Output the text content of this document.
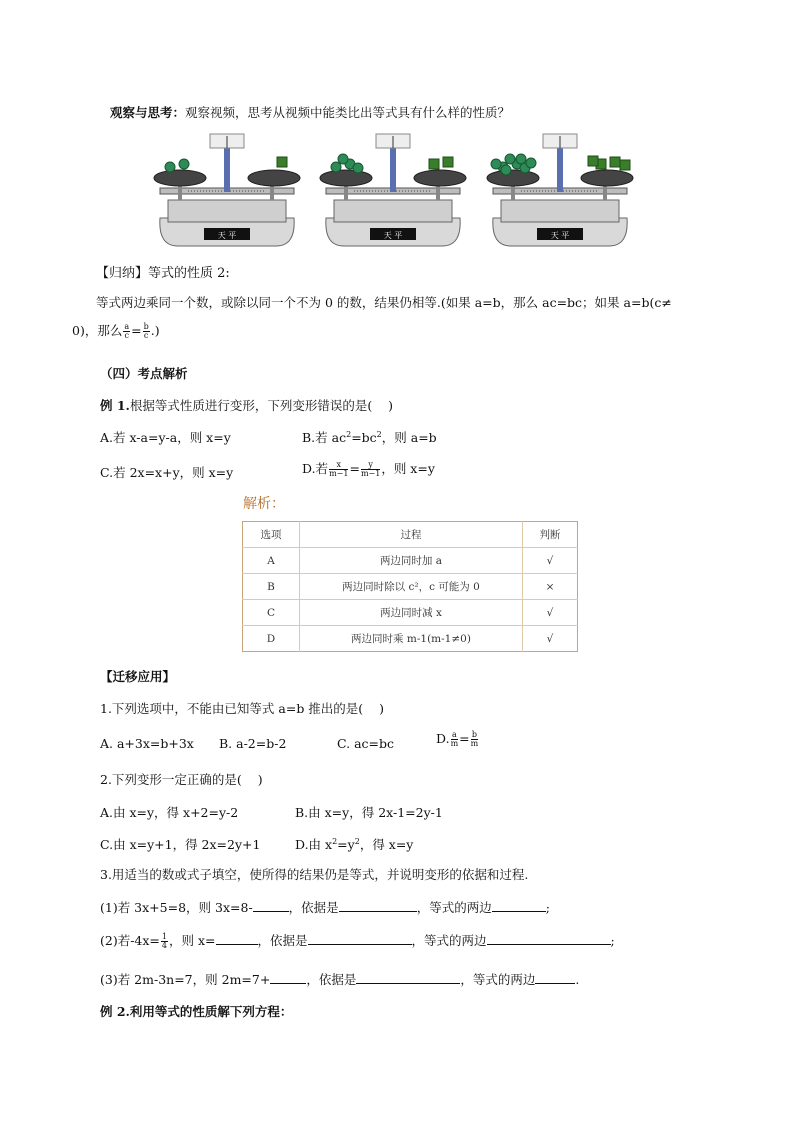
观察与思考：观察视频，思考从视频中能类比出等式具有什么样的性质？
天 平	天 平	天 平
【归纳】等式的性质 2:
等式两边乘同一个数，或除以同一个不为 0 的数，结果仍相等.(如果 a=b，那么 ac=bc；如果 a=b(c≠
0)，那么 $\frac{a}{c} = \frac{b}{c}$ .)
（四）考点解析
例 1.根据等式性质进行变形，下列变形错误的是(    )
A.若 x-a=y-a，则 x=y	B.若 $ac^2=bc^2$，则 a=b
C.若 2x=x+y，则 x=y	D.若 $\frac{x}{m-1} = \frac{y}{m-1}$ ，则 x=y
解析：
选项	过程	判断
A	两边同时加 a	√
B	两边同时除以 c²，c 可能为 0	×
C	两边同时减 x	√
D	两边同时乘 m-1(m-1≠0)	√
【迁移应用】
1.下列选项中，不能由已知等式 a=b 推出的是(    )
A. a+3x=b+3x B. a-2=b-2	C. ac=bc	D. $\frac{a}{m} = \frac{b}{m}$
2.下列变形一定正确的是(    )
A.由 x=y，得 x+2=y-2	B.由 x=y，得 2x-1=2y-1
C.由 x=y+1，得 2x=2y+1	D.由 $x^2=y^2$，得 x=y
3.用适当的数或式子填空，使所得的结果仍是等式，并说明变形的依据和过程.
(1)若 3x+5=8，则 3x=8-	，依据是	，等式的两边	;
(2)若$-4x= \frac{1}{4}$ ，则 x=	，依据是	，等式的两边	;
(3)若 2m-3n=7，则 2m=7+	，依据是	，等式的两边	.
例 2.利用等式的性质解下列方程：
